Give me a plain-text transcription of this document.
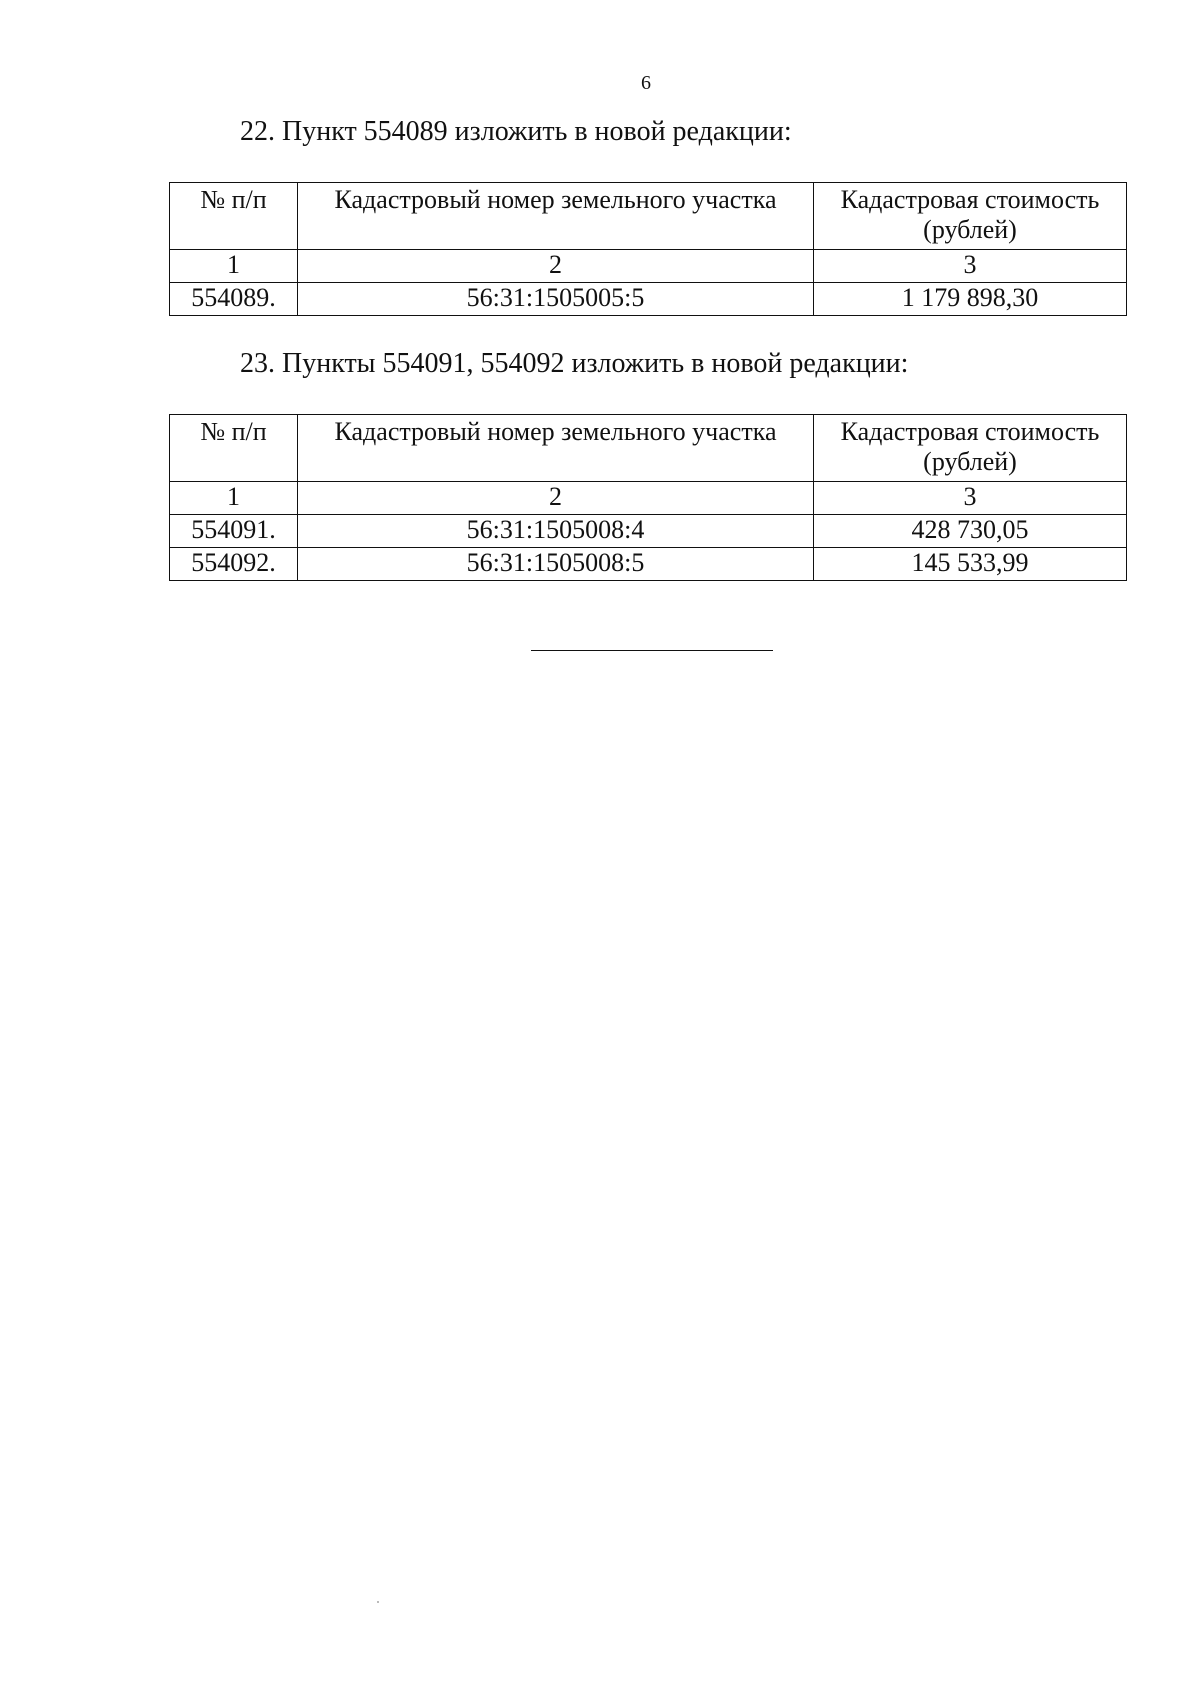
6
22. Пункт 554089 изложить в новой редакции:
№ п/п	Кадастровый номер земельного участка	Кадастровая стоимость (рублей)
1	2	3
554089.	56:31:1505005:5	1 179 898,30
23. Пункты 554091, 554092 изложить в новой редакции:
№ п/п	Кадастровый номер земельного участка	Кадастровая стоимость (рублей)
1	2	3
554091.	56:31:1505008:4	428 730,05
554092.	56:31:1505008:5	145 533,99
